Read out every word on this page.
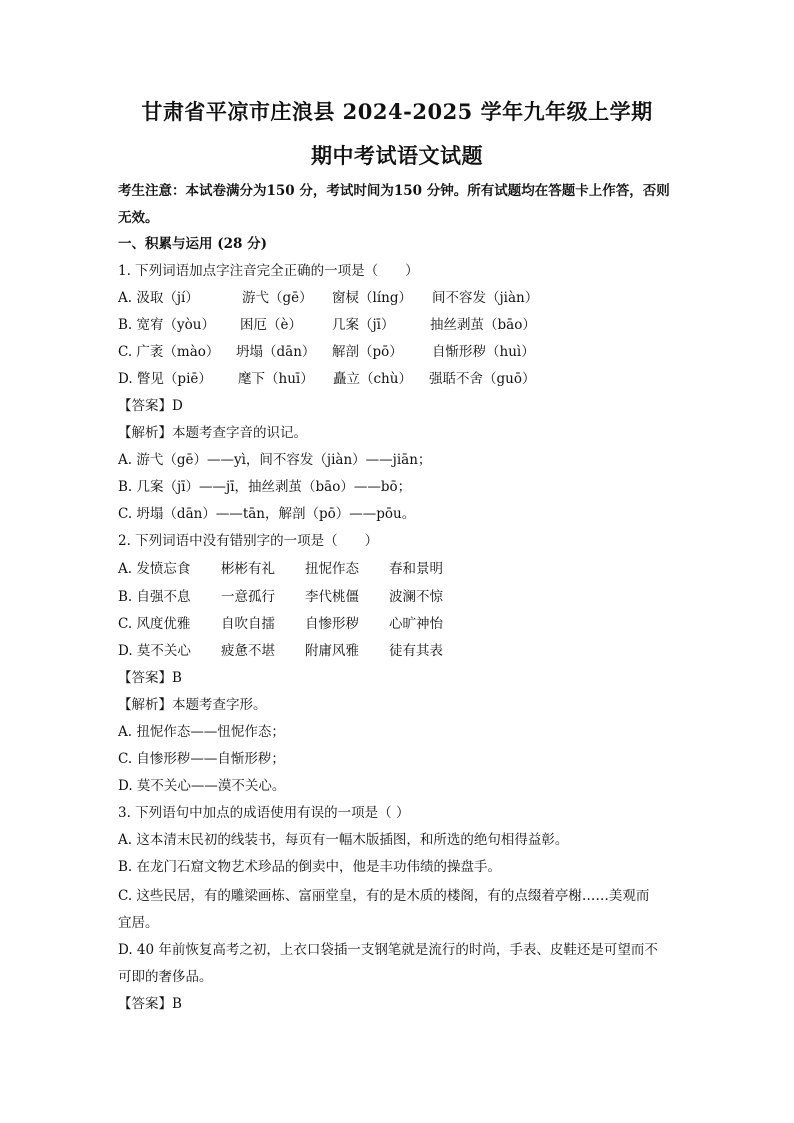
甘肃省平凉市庄浪县 2024-2025 学年九年级上学期
期中考试语文试题
考生注意：本试卷满分为150 分，考试时间为150 分钟。所有试题均在答题卡上作答，否则无效。
一、积累与运用 (28 分)
1. 下列词语加点字注音完全正确的一项是（　　）
A. 汲取（jí）	游弋（gē） 窗棂（líng） 间不容发（jiàn）
B. 宽宥（yòu） 困厄（è） 几案（jī）	抽丝剥茧（bāo）
C. 广袤（mào） 坍塌（dān） 解剖（pō） 自惭形秽（huì）
D. 瞥见（piē） 麾下（huī） 矗立（chù） 强聒不舍（guō）
【答案】D
【解析】本题考查字音的识记。
A. 游弋（gē）——yì，间不容发（jiàn）——jiān；
B. 几案（jī）——jī，抽丝剥茧（bāo）——bō；
C. 坍塌（dān）——tān，解剖（pō）——pōu。
2. 下列词语中没有错别字的一项是（　　）
A. 发愤忘食 彬彬有礼 扭怩作态 春和景明
B. 自强不息 一意孤行 李代桃僵 波澜不惊
C. 风度优雅 自吹自擂 自惨形秽 心旷神怡
D. 莫不关心 疲惫不堪 附庸风雅 徒有其表
【答案】B
【解析】本题考查字形。
A. 扭怩作态——忸怩作态；
C. 自惨形秽——自惭形秽；
D. 莫不关心——漠不关心。
3. 下列语句中加点的成语使用有误的一项是（ ）
A. 这本清末民初的线装书，每页有一幅木版插图，和所选的绝句相得益彰。
B. 在龙门石窟文物艺术珍品的倒卖中，他是丰功伟绩的操盘手。
C. 这些民居，有的雕梁画栋、富丽堂皇，有的是木质的楼阁，有的点缀着亭榭……美观而
宜居。
D. 40 年前恢复高考之初，上衣口袋插一支钢笔就是流行的时尚，手表、皮鞋还是可望而不
可即的奢侈品。
【答案】B
